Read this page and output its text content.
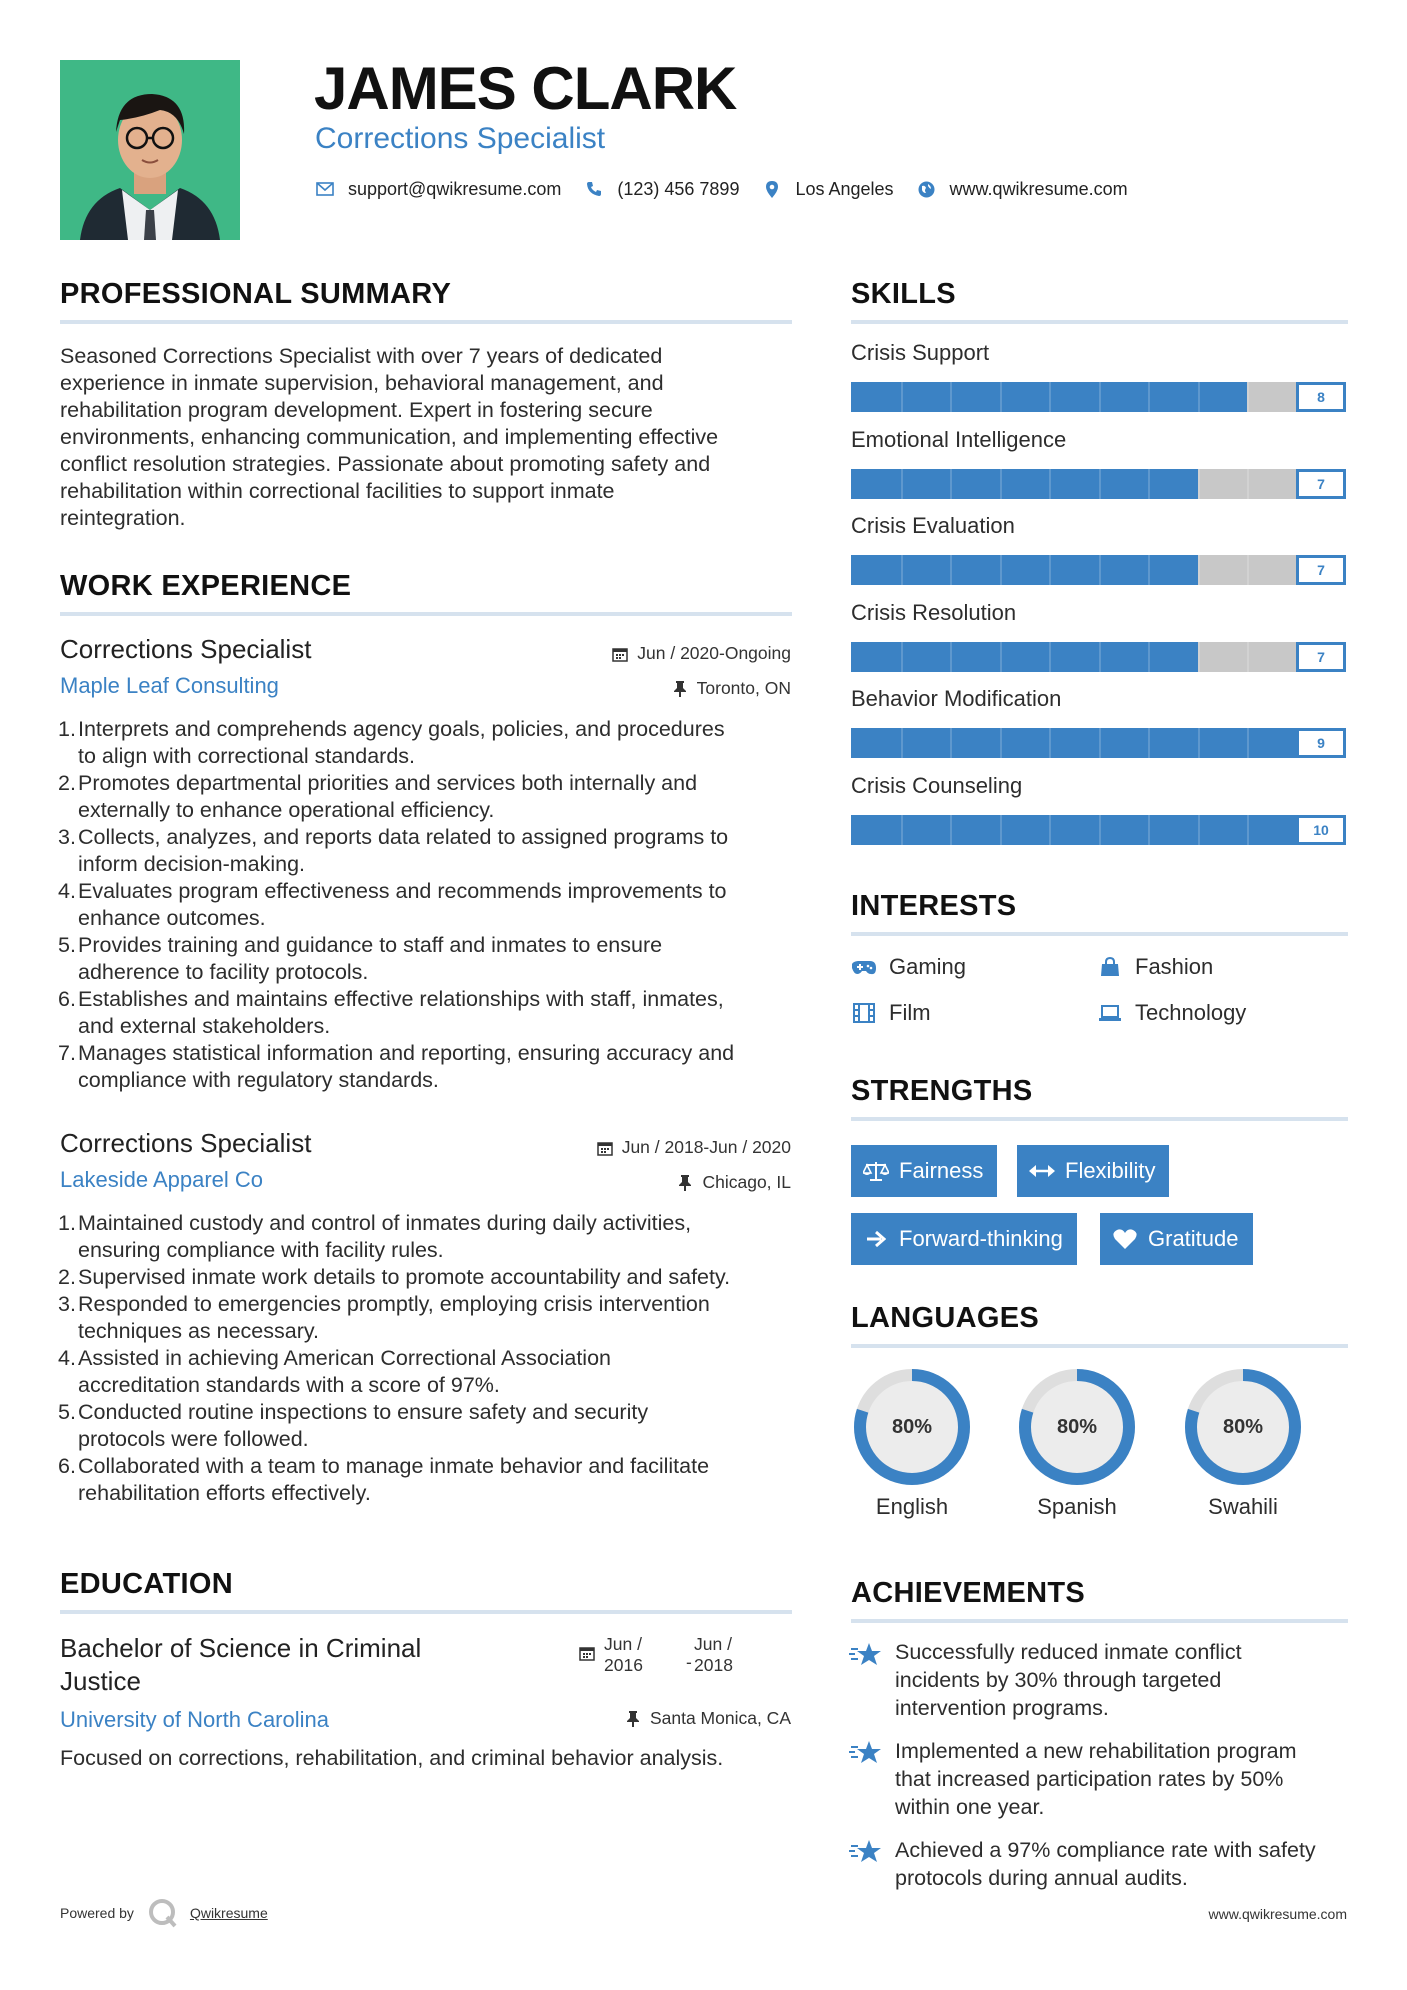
JAMES CLARK
Corrections Specialist
support@qwikresume.com	(123) 456 7899	Los Angeles	www.qwikresume.com
PROFESSIONAL SUMMARY
Seasoned Corrections Specialist with over 7 years of dedicated
experience in inmate supervision, behavioral management, and
rehabilitation program development. Expert in fostering secure
environments, enhancing communication, and implementing effective
conflict resolution strategies. Passionate about promoting safety and
rehabilitation within correctional facilities to support inmate
reintegration.
WORK EXPERIENCE
Corrections Specialist
Maple Leaf Consulting
Jun / 2020-Ongoing
Toronto, ON
1. Interprets and comprehends agency goals, policies, and procedures
to align with correctional standards.
2. Promotes departmental priorities and services both internally and
externally to enhance operational efficiency.
3. Collects, analyzes, and reports data related to assigned programs to
inform decision-making.
4. Evaluates program effectiveness and recommends improvements to
enhance outcomes.
5. Provides training and guidance to staff and inmates to ensure
adherence to facility protocols.
6. Establishes and maintains effective relationships with staff, inmates,
and external stakeholders.
7. Manages statistical information and reporting, ensuring accuracy and
compliance with regulatory standards.
Corrections Specialist
Lakeside Apparel Co
Jun / 2018-Jun / 2020
Chicago, IL
1. Maintained custody and control of inmates during daily activities,
ensuring compliance with facility rules.
2. Supervised inmate work details to promote accountability and safety.
3. Responded to emergencies promptly, employing crisis intervention
techniques as necessary.
4. Assisted in achieving American Correctional Association
accreditation standards with a score of 97%.
5. Conducted routine inspections to ensure safety and security
protocols were followed.
6. Collaborated with a team to manage inmate behavior and facilitate
rehabilitation efforts effectively.
EDUCATION
Bachelor of Science in Criminal
Justice
University of North Carolina
Jun /
2016	-
Jun /
2018
Santa Monica, CA
Focused on corrections, rehabilitation, and criminal behavior analysis.
SKILLS
Crisis Support
8
Emotional Intelligence
7
Crisis Evaluation
7
Crisis Resolution
7
Behavior Modification
9
Crisis Counseling
10
INTERESTS
Gaming	Fashion
Film	Technology
STRENGTHS
Fairness	Flexibility
Forward-thinking	Gratitude
LANGUAGES
80%
English
80%
Spanish
80%
Swahili
ACHIEVEMENTS
Successfully reduced inmate conflict
incidents by 30% through targeted
intervention programs.
Implemented a new rehabilitation program
that increased participation rates by 50%
within one year.
Achieved a 97% compliance rate with safety
protocols during annual audits.
Powered by	Qwikresume	www.qwikresume.com
